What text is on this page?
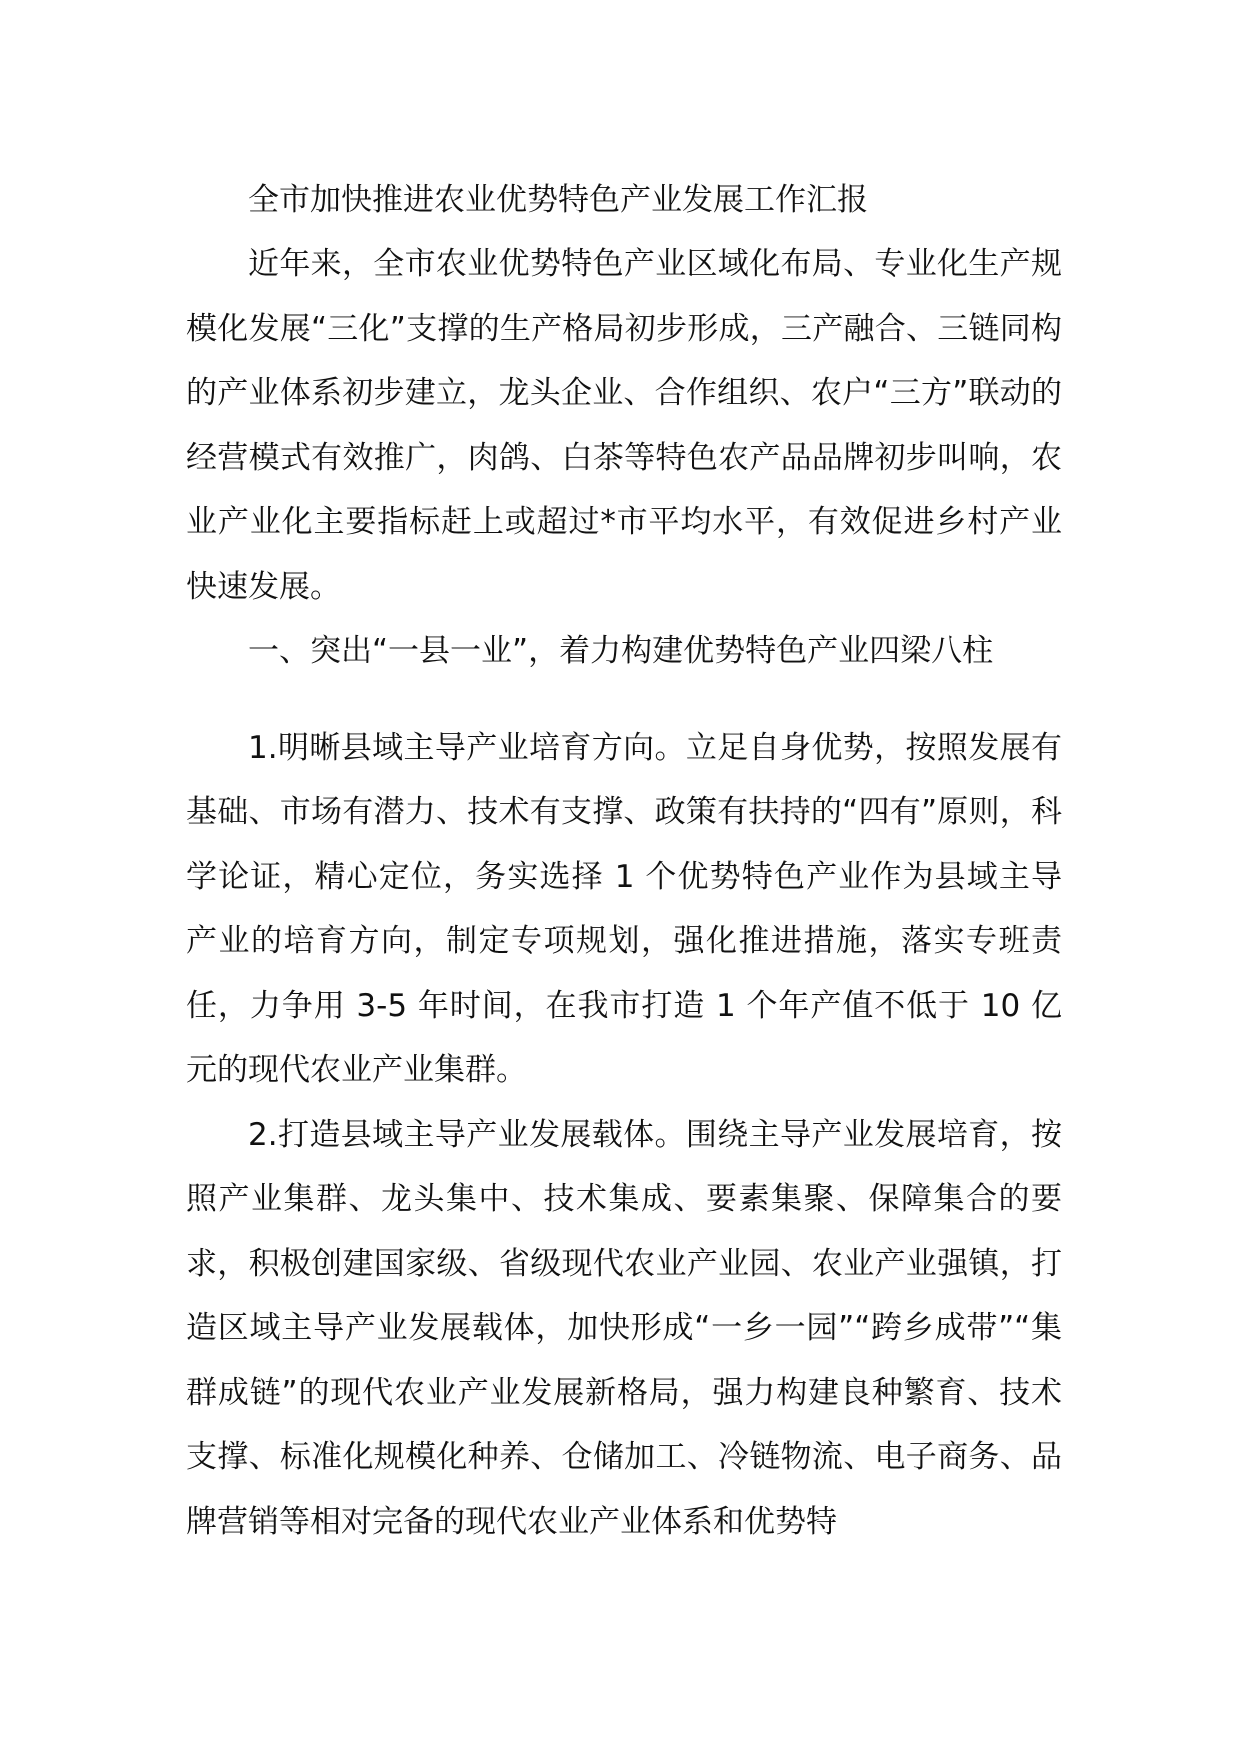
全市加快推进农业优势特色产业发展工作汇报

近年来，全市农业优势特色产业区域化布局、专业化生产规模化发展“三化”支撑的生产格局初步形成，三产融合、三链同构的产业体系初步建立，龙头企业、合作组织、农户“三方”联动的经营模式有效推广，肉鸽、白茶等特色农产品品牌初步叫响，农业产业化主要指标赶上或超过*市平均水平，有效促进乡村产业快速发展。

一、突出“一县一业”，着力构建优势特色产业四梁八柱

1.明晰县域主导产业培育方向。立足自身优势，按照发展有基础、市场有潜力、技术有支撑、政策有扶持的“四有”原则，科学论证，精心定位，务实选择 1 个优势特色产业作为县域主导产业的培育方向，制定专项规划，强化推进措施，落实专班责任，力争用 3-5 年时间，在我市打造 1 个年产值不低于 10 亿元的现代农业产业集群。

2.打造县域主导产业发展载体。围绕主导产业发展培育，按照产业集群、龙头集中、技术集成、要素集聚、保障集合的要求，积极创建国家级、省级现代农业产业园、农业产业强镇，打造区域主导产业发展载体，加快形成“一乡一园”“跨乡成带”“集群成链”的现代农业产业发展新格局，强力构建良种繁育、技术支撑、标准化规模化种养、仓储加工、冷链物流、电子商务、品牌营销等相对完备的现代农业产业体系和优势特
